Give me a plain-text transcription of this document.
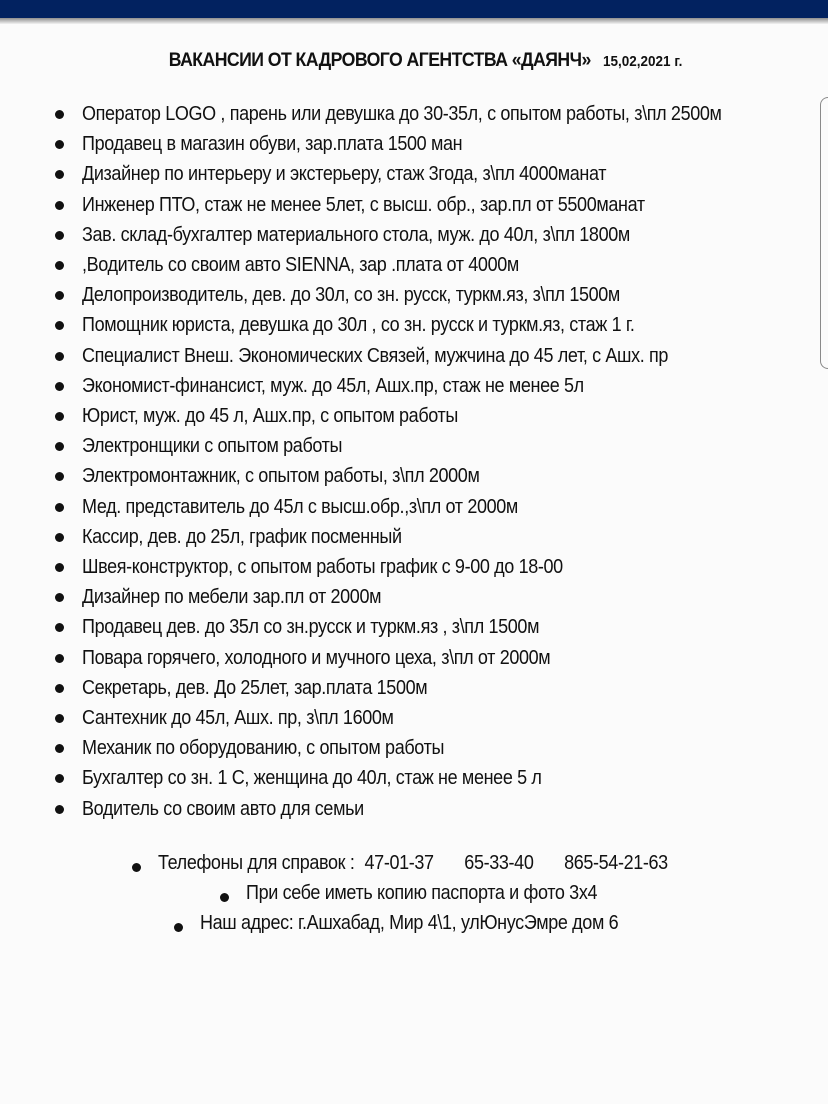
ВАКАНСИИ ОТ КАДРОВОГО АГЕНТСТВА «ДАЯНЧ» 15,02,2021 г.
Оператор LOGO , парень или девушка до 30-35л, с опытом работы, з\пл 2500м
Продавец в магазин обуви, зар.плата 1500 ман
Дизайнер по интерьеру и экстерьеру, стаж 3года, з\пл 4000манат
Инженер ПТО, стаж не менее 5лет, с высш. обр., зар.пл от 5500манат
Зав. склад-бухгалтер материального стола, муж. до 40л, з\пл 1800м
,Водитель со своим авто SIENNA, зар .плата от 4000м
Делопроизводитель, дев. до 30л, со зн. русск, туркм.яз, з\пл 1500м
Помощник юриста, девушка до 30л , со зн. русск и туркм.яз, стаж 1 г.
Специалист Внеш. Экономических Связей, мужчина до 45 лет, с Ашх. пр
Экономист-финансист, муж. до 45л, Ашх.пр, стаж не менее 5л
Юрист, муж. до 45 л, Ашх.пр, с опытом работы
Электронщики с опытом работы
Электромонтажник, с опытом работы, з\пл 2000м
Мед. представитель до 45л с высш.обр.,з\пл от 2000м
Кассир, дев. до 25л, график посменный
Швея-конструктор, с опытом работы график с 9-00 до 18-00
Дизайнер по мебели зар.пл от 2000м
Продавец дев. до 35л со зн.русск и туркм.яз , з\пл 1500м
Повара горячего, холодного и мучного цеха, з\пл от 2000м
Секретарь, дев. До 25лет, зар.плата 1500м
Сантехник до 45л, Ашх. пр, з\пл 1600м
Механик по оборудованию, с опытом работы
Бухгалтер со зн. 1 С, женщина до 40л, стаж не менее 5 л
Водитель со своим авто для семьи
Телефоны для справок : 47-01-37 65-33-40 865-54-21-63
При себе иметь копию паспорта и фото 3х4
Наш адрес: г.Ашхабад, Мир 4\1, улЮнусЭмре дом 6
